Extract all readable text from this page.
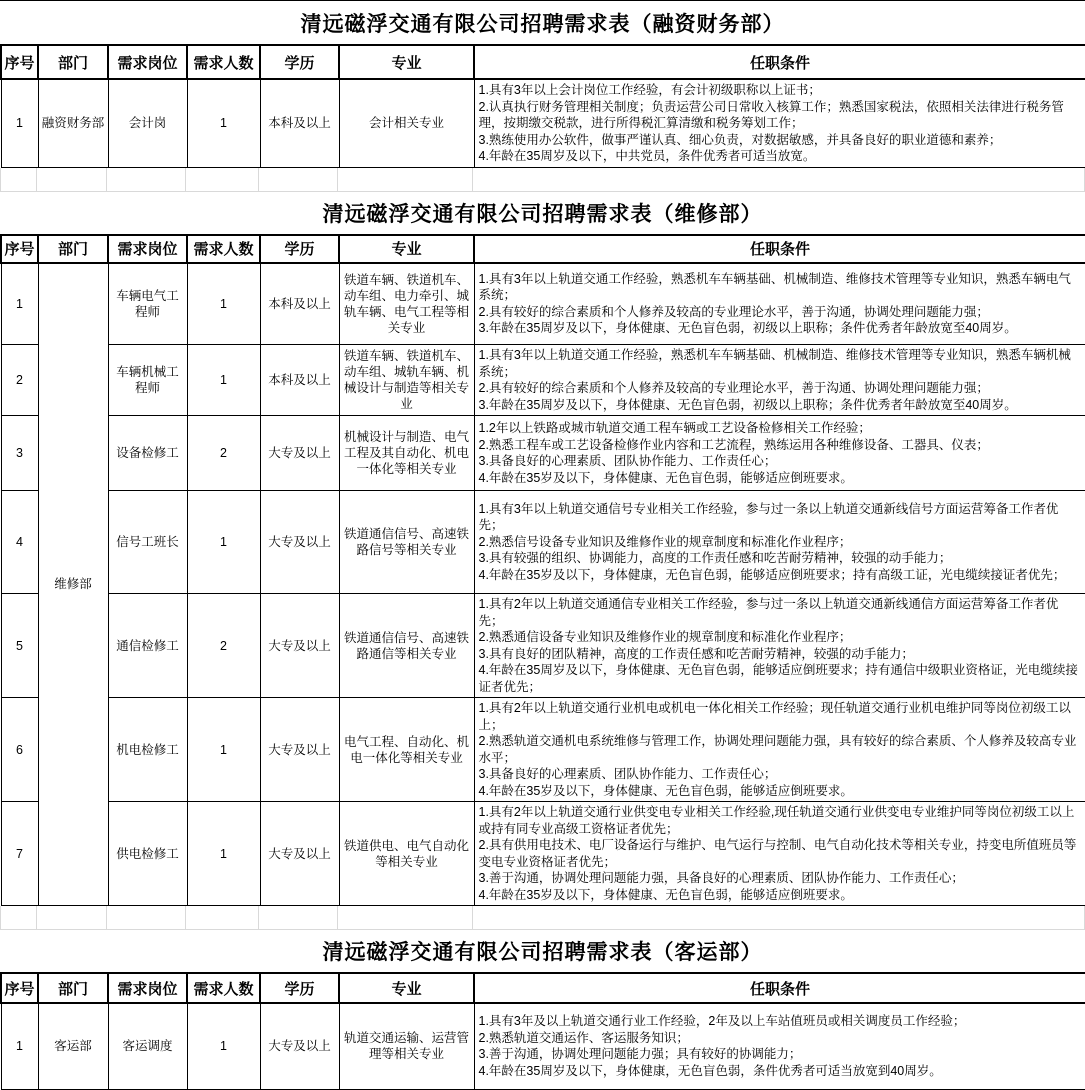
清远磁浮交通有限公司招聘需求表（融资财务部）
序号	部门	需求岗位	需求人数	学历	专业	任职条件
1	融资财务部	会计岗	1	本科及以上	会计相关专业	1.具有3年以上会计岗位工作经验，有会计初级职称以上证书；
2.认真执行财务管理相关制度；负责运营公司日常收入核算工作；熟悉国家税法，依照相关法律进行税务管理，按期缴交税款，进行所得税汇算清缴和税务筹划工作；
3.熟练使用办公软件，做事严谨认真、细心负责，对数据敏感，并具备良好的职业道德和素养；
4.年龄在35周岁及以下，中共党员，条件优秀者可适当放宽。
清远磁浮交通有限公司招聘需求表（维修部）
序号	部门	需求岗位	需求人数	学历	专业	任职条件
1	维修部	车辆电气工程师	1	本科及以上	铁道车辆、铁道机车、动车组、电力牵引、城轨车辆、电气工程等相关专业	1.具有3年以上轨道交通工作经验，熟悉机车车辆基础、机械制造、维修技术管理等专业知识，熟悉车辆电气系统；
2.具有较好的综合素质和个人修养及较高的专业理论水平，善于沟通，协调处理问题能力强；
3.年龄在35周岁及以下，身体健康、无色盲色弱，初级以上职称；条件优秀者年龄放宽至40周岁。

2		车辆机械工程师	1	本科及以上	铁道车辆、铁道机车、动车组、城轨车辆、机械设计与制造等相关专业	1.具有3年以上轨道交通工作经验，熟悉机车车辆基础、机械制造、维修技术管理等专业知识，熟悉车辆机械系统；
2.具有较好的综合素质和个人修养及较高的专业理论水平，善于沟通、协调处理问题能力强；
3.年龄在35周岁及以下，身体健康、无色盲色弱，初级以上职称；条件优秀者年龄放宽至40周岁。

3		设备检修工	2	大专及以上	机械设计与制造、电气工程及其自动化、机电一体化等相关专业	1.2年以上铁路或城市轨道交通工程车辆或工艺设备检修相关工作经验；
2.熟悉工程车或工艺设备检修作业内容和工艺流程，熟练运用各种维修设备、工器具、仪表；
3.具备良好的心理素质、团队协作能力、工作责任心；
4.年龄在35岁及以下，身体健康、无色盲色弱，能够适应倒班要求。

4		信号工班长	1	大专及以上	铁道通信信号、高速铁路信号等相关专业	1.具有3年以上轨道交通信号专业相关工作经验，参与过一条以上轨道交通新线信号方面运营筹备工作者优先；
2.熟悉信号设备专业知识及维修作业的规章制度和标准化作业程序；
3.具有较强的组织、协调能力，高度的工作责任感和吃苦耐劳精神，较强的动手能力；
4.年龄在35岁及以下，身体健康，无色盲色弱，能够适应倒班要求；持有高级工证，光电缆续接证者优先；

5		通信检修工	2	大专及以上	铁道通信信号、高速铁路通信等相关专业	1.具有2年以上轨道交通通信专业相关工作经验，参与过一条以上轨道交通新线通信方面运营筹备工作者优先；
2.熟悉通信设备专业知识及维修作业的规章制度和标准化作业程序；
3.具有良好的团队精神，高度的工作责任感和吃苦耐劳精神，较强的动手能力；
4.年龄在35周岁及以下，身体健康、无色盲色弱，能够适应倒班要求；持有通信中级职业资格证，光电缆续接证者优先；

6		机电检修工	1	大专及以上	电气工程、自动化、机电一体化等相关专业	1.具有2年以上轨道交通行业机电或机电一体化相关工作经验；现任轨道交通行业机电维护同等岗位初级工以上；
2.熟悉轨道交通机电系统维修与管理工作，协调处理问题能力强，具有较好的综合素质、个人修养及较高专业水平；
3.具备良好的心理素质、团队协作能力、工作责任心；
4.年龄在35岁及以下，身体健康、无色盲色弱，能够适应倒班要求。

7		供电检修工	1	大专及以上	铁道供电、电气自动化等相关专业	1.具有2年以上轨道交通行业供变电专业相关工作经验,现任轨道交通行业供变电专业维护同等岗位初级工以上或持有同专业高级工资格证者优先；
2.具有供用电技术、电厂设备运行与维护、电气运行与控制、电气自动化技术等相关专业，持变电所值班员等变电专业资格证者优先；
3.善于沟通，协调处理问题能力强，具备良好的心理素质、团队协作能力、工作责任心；
4.年龄在35岁及以下，身体健康、无色盲色弱，能够适应倒班要求。
清远磁浮交通有限公司招聘需求表（客运部）
序号	部门	需求岗位	需求人数	学历	专业	任职条件
1	客运部	客运调度	1	大专及以上	轨道交通运输、运营管理等相关专业	1.具有3年及以上轨道交通行业工作经验，2年及以上车站值班员或相关调度员工作经验；
2.熟悉轨道交通运作、客运服务知识；
3.善于沟通，协调处理问题能力强；具有较好的协调能力；
4.年龄在35周岁及以下，身体健康，无色盲色弱，条件优秀者可适当放宽到40周岁。
